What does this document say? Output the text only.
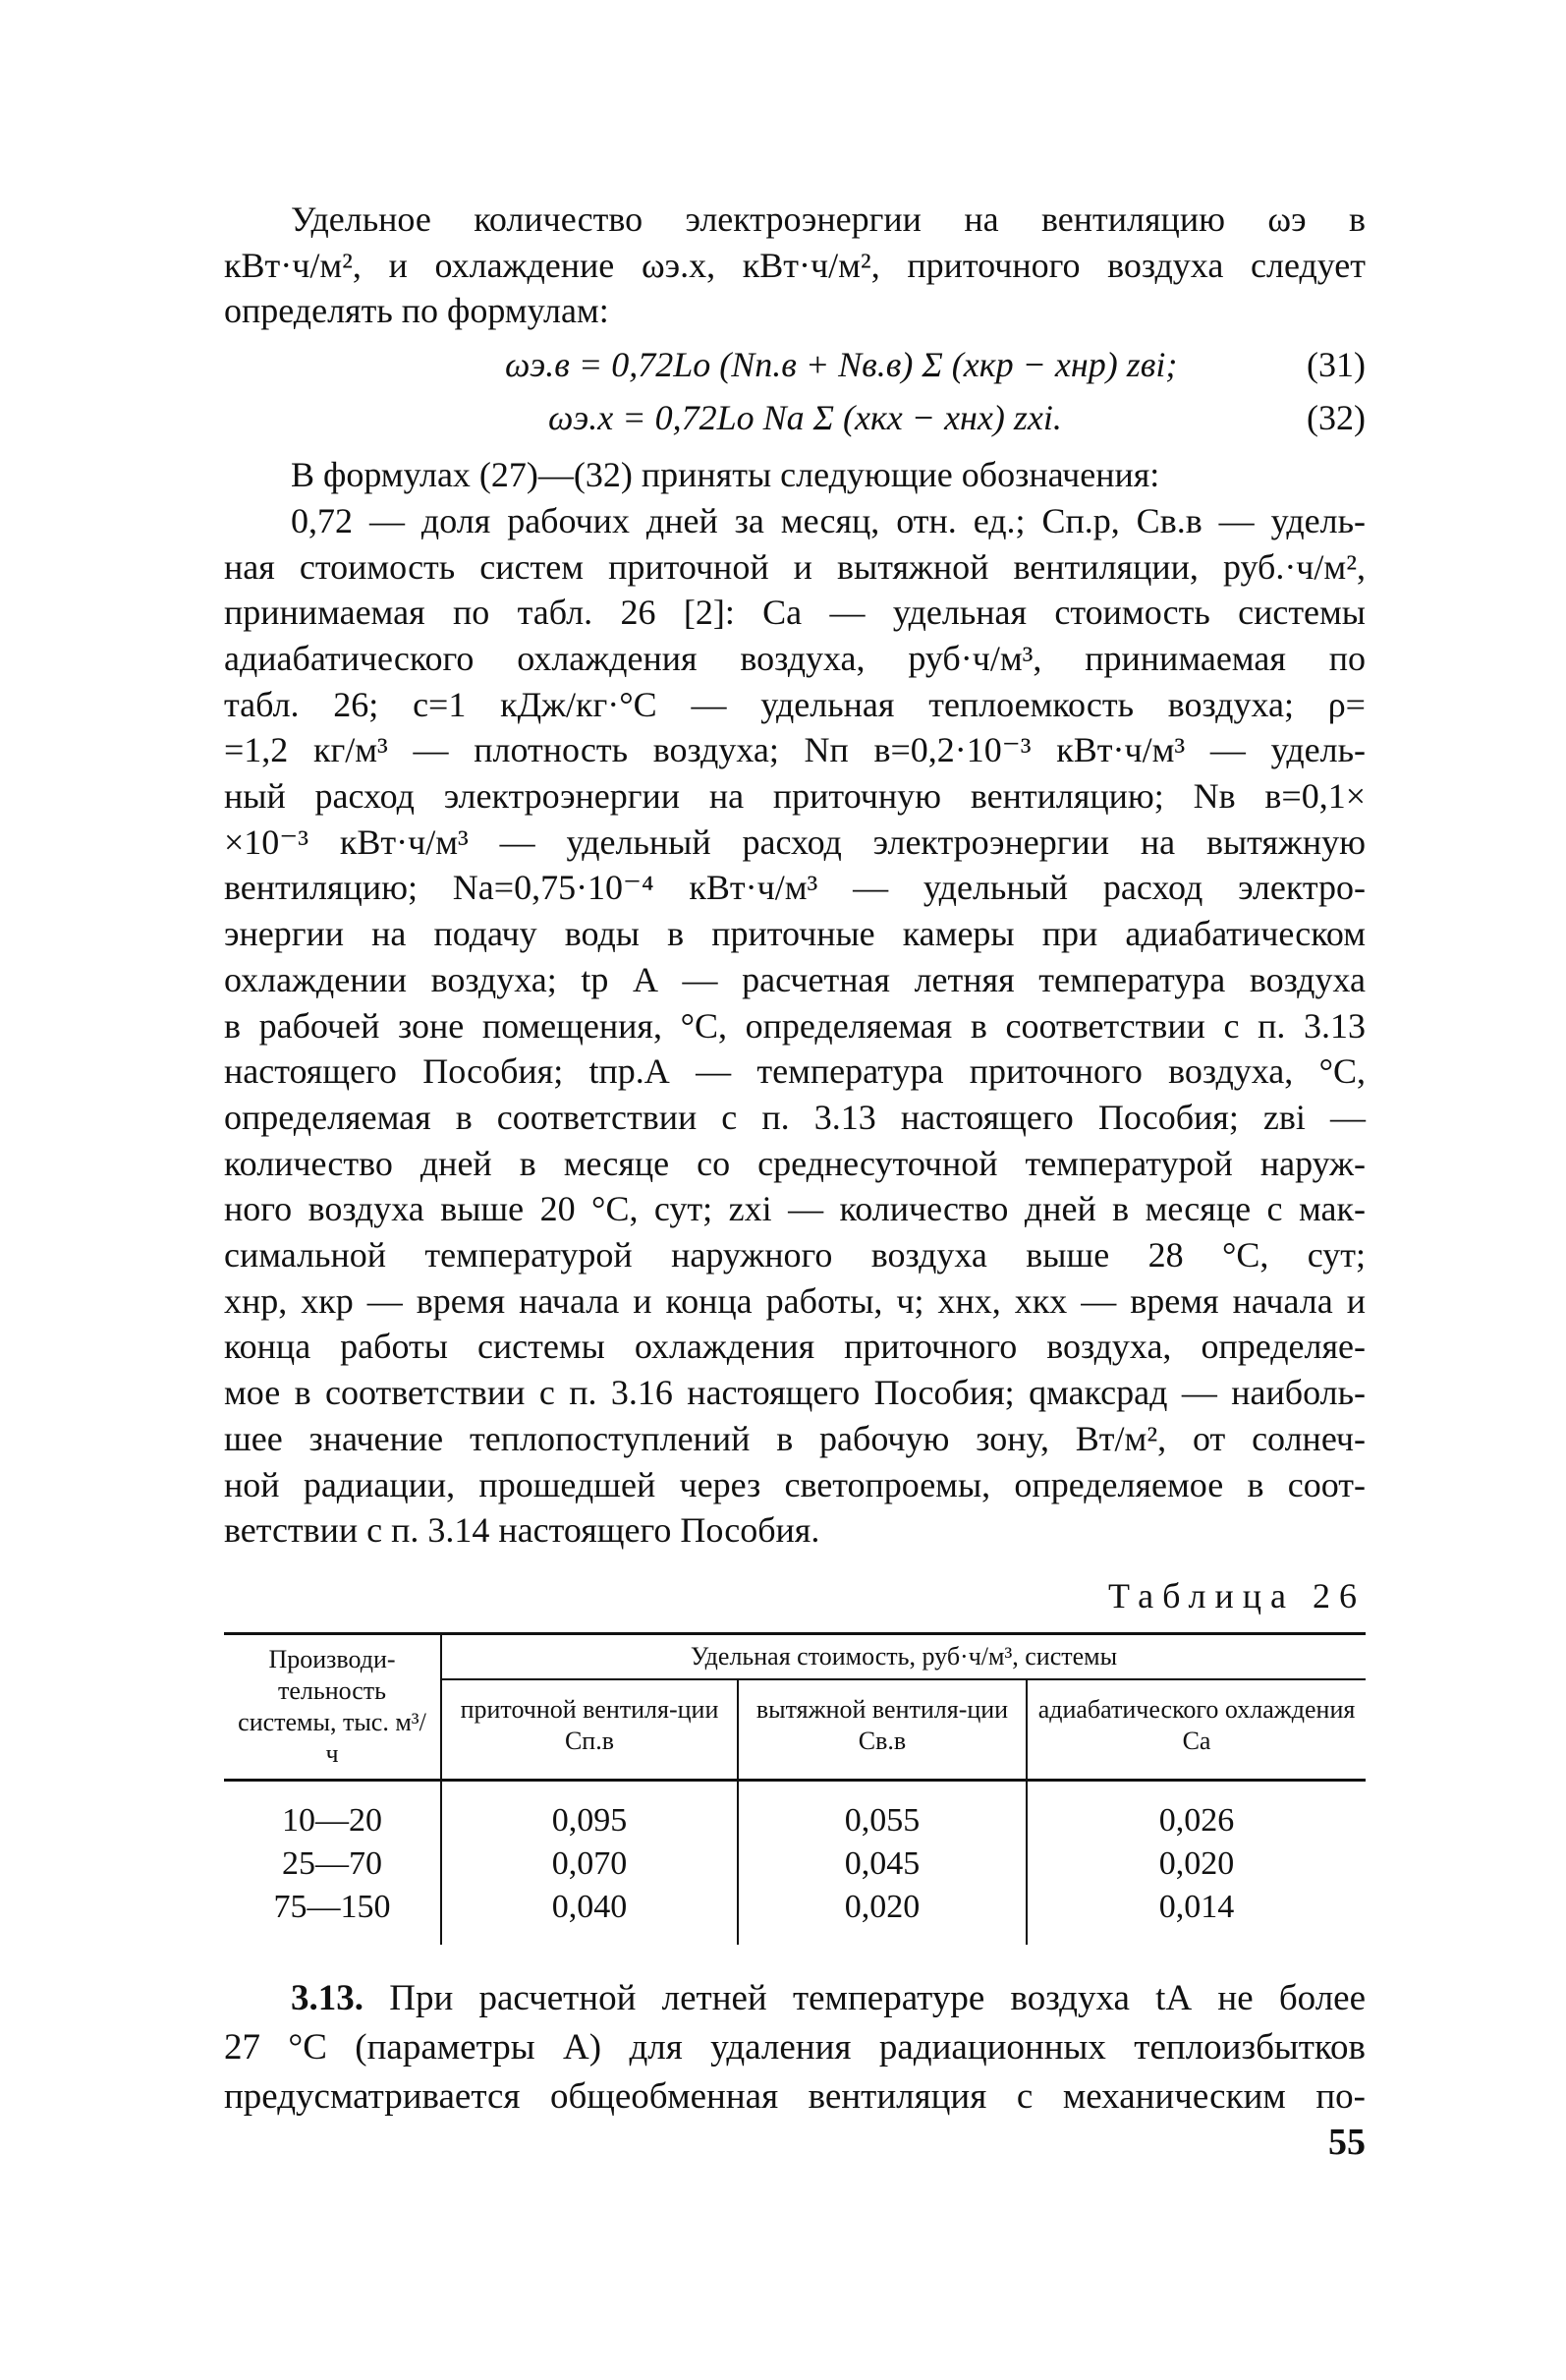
Удельное количество электроэнергии на вентиляцию ωэ в
кВт·ч/м², и охлаждение ωэ.х, кВт·ч/м², приточного воздуха следует
определять по формулам:

ωэ.в = 0,72Lо (Nп.в + Nв.в) Σ (xкр − xнр) zвi;	(31)
ωэ.х = 0,72Lо Nа Σ (xкx − xнx) zxi.	(32)

В формулах (27)—(32) приняты следующие обозначения:
0,72 — доля рабочих дней за месяц, отн. ед.; Cп.р, Cв.в — удель-
ная стоимость систем приточной и вытяжной вентиляции, руб.·ч/м²,
принимаемая по табл. 26 [2]: Cа — удельная стоимость системы
адиабатического охлаждения воздуха, руб·ч/м³, принимаемая по
табл. 26; c=1 кДж/кг·°С — удельная теплоемкость воздуха; ρ=
=1,2 кг/м³ — плотность воздуха; Nп в=0,2·10⁻³ кВт·ч/м³ — удель-
ный расход электроэнергии на приточную вентиляцию; Nв в=0,1×
×10⁻³ кВт·ч/м³ — удельный расход электроэнергии на вытяжную
вентиляцию; Nа=0,75·10⁻⁴ кВт·ч/м³ — удельный расход электро-
энергии на подачу воды в приточные камеры при адиабатическом
охлаждении воздуха; tр А — расчетная летняя температура воздуха
в рабочей зоне помещения, °С, определяемая в соответствии с п. 3.13
настоящего Пособия; tпр.А — температура приточного воздуха, °С,
определяемая в соответствии с п. 3.13 настоящего Пособия; zвi —
количество дней в месяце со среднесуточной температурой наруж-
ного воздуха выше 20 °С, сут; zxi — количество дней в месяце с мак-
симальной температурой наружного воздуха выше 28 °С, сут;
xнр, xкр — время начала и конца работы, ч; xнx, xкx — время начала и
конца работы системы охлаждения приточного воздуха, определяе-
мое в соответствии с п. 3.16 настоящего Пособия; qмаксрад — наиболь-
шее значение теплопоступлений в рабочую зону, Вт/м², от солнеч-
ной радиации, прошедшей через светопроемы, определяемое в соот-
ветствии с п. 3.14 настоящего Пособия.

Таблица 26
Производи-тельность системы, тыс. м³/ч	Удельная стоимость, руб·ч/м³, системы		
	приточной вентиля-ции Cп.в	вытяжной вентиля-ции Cв.в	адиабатического охлаждения Cа
10—20	0,095	0,055	0,026
25—70	0,070	0,045	0,020
75—150	0,040	0,020	0,014
3.13. При расчетной летней температуре воздуха tА не более
27 °С (параметры А) для удаления радиационных теплоизбытков
предусматривается общеобменная вентиляция с механическим по-
55
